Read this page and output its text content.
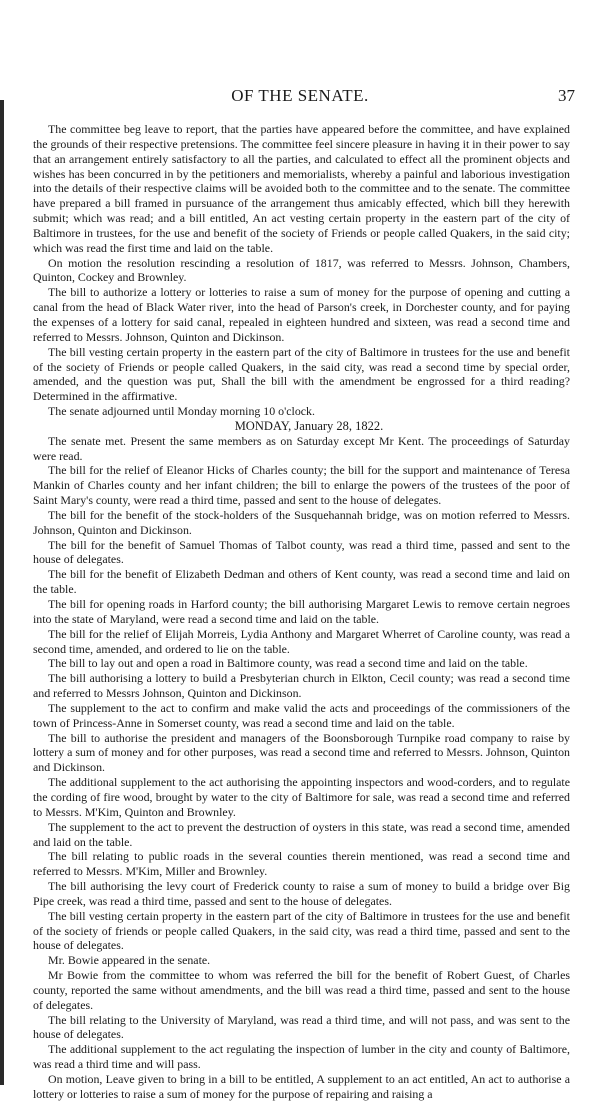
OF THE SENATE.	37

The committee beg leave to report, that the parties have appeared before the committee, and have explained the grounds of their respective pretensions. The committee feel sincere pleasure in having it in their power to say that an arrangement entirely satisfactory to all the parties, and calculated to effect all the prominent objects and wishes has been concurred in by the petitioners and memorialists, whereby a painful and laborious investigation into the details of their respective claims will be avoided both to the committee and to the senate. The committee have prepared a bill framed in pursuance of the arrangement thus amicably effected, which bill they herewith submit; which was read; and a bill entitled, An act vesting certain property in the eastern part of the city of Baltimore in trustees, for the use and benefit of the society of Friends or people called Quakers, in the said city; which was read the first time and laid on the table.

On motion the resolution rescinding a resolution of 1817, was referred to Messrs. Johnson, Chambers, Quinton, Cockey and Brownley.

The bill to authorize a lottery or lotteries to raise a sum of money for the purpose of opening and cutting a canal from the head of Black Water river, into the head of Parson's creek, in Dorchester county, and for paying the expenses of a lottery for said canal, repealed in eighteen hundred and sixteen, was read a second time and referred to Messrs. Johnson, Quinton and Dickinson.

The bill vesting certain property in the eastern part of the city of Baltimore in trustees for the use and benefit of the society of Friends or people called Quakers, in the said city, was read a second time by special order, amended, and the question was put, Shall the bill with the amendment be engrossed for a third reading? Determined in the affirmative.

The senate adjourned until Monday morning 10 o'clock.

MONDAY, January 28, 1822.

The senate met. Present the same members as on Saturday except Mr Kent. The proceedings of Saturday were read.

The bill for the relief of Eleanor Hicks of Charles county; the bill for the support and maintenance of Teresa Mankin of Charles county and her infant children; the bill to enlarge the powers of the trustees of the poor of Saint Mary's county, were read a third time, passed and sent to the house of delegates.

The bill for the benefit of the stock-holders of the Susquehannah bridge, was on motion referred to Messrs. Johnson, Quinton and Dickinson.

The bill for the benefit of Samuel Thomas of Talbot county, was read a third time, passed and sent to the house of delegates.

The bill for the benefit of Elizabeth Dedman and others of Kent county, was read a second time and laid on the table.

The bill for opening roads in Harford county; the bill authorising Margaret Lewis to remove certain negroes into the state of Maryland, were read a second time and laid on the table.

The bill for the relief of Elijah Morreis, Lydia Anthony and Margaret Wherret of Caroline county, was read a second time, amended, and ordered to lie on the table.

The bill to lay out and open a road in Baltimore county, was read a second time and laid on the table.

The bill authorising a lottery to build a Presbyterian church in Elkton, Cecil county; was read a second time and referred to Messrs Johnson, Quinton and Dickinson.

The supplement to the act to confirm and make valid the acts and proceedings of the commissioners of the town of Princess-Anne in Somerset county, was read a second time and laid on the table.

The bill to authorise the president and managers of the Boonsborough Turnpike road company to raise by lottery a sum of money and for other purposes, was read a second time and referred to Messrs. Johnson, Quinton and Dickinson.

The additional supplement to the act authorising the appointing inspectors and wood-corders, and to regulate the cording of fire wood, brought by water to the city of Baltimore for sale, was read a second time and referred to Messrs. M'Kim, Quinton and Brownley.

The supplement to the act to prevent the destruction of oysters in this state, was read a second time, amended and laid on the table.

The bill relating to public roads in the several counties therein mentioned, was read a second time and referred to Messrs. M'Kim, Miller and Brownley.

The bill authorising the levy court of Frederick county to raise a sum of money to build a bridge over Big Pipe creek, was read a third time, passed and sent to the house of delegates.

The bill vesting certain property in the eastern part of the city of Baltimore in trustees for the use and benefit of the society of friends or people called Quakers, in the said city, was read a third time, passed and sent to the house of delegates.

Mr. Bowie appeared in the senate.

Mr Bowie from the committee to whom was referred the bill for the benefit of Robert Guest, of Charles county, reported the same without amendments, and the bill was read a third time, passed and sent to the house of delegates.

The bill relating to the University of Maryland, was read a third time, and will not pass, and was sent to the house of delegates.

The additional supplement to the act regulating the inspection of lumber in the city and county of Baltimore, was read a third time and will pass.

On motion, Leave given to bring in a bill to be entitled, A supplement to an act entitled, An act to authorise a lottery or lotteries to raise a sum of money for the purpose of repairing and raising a
